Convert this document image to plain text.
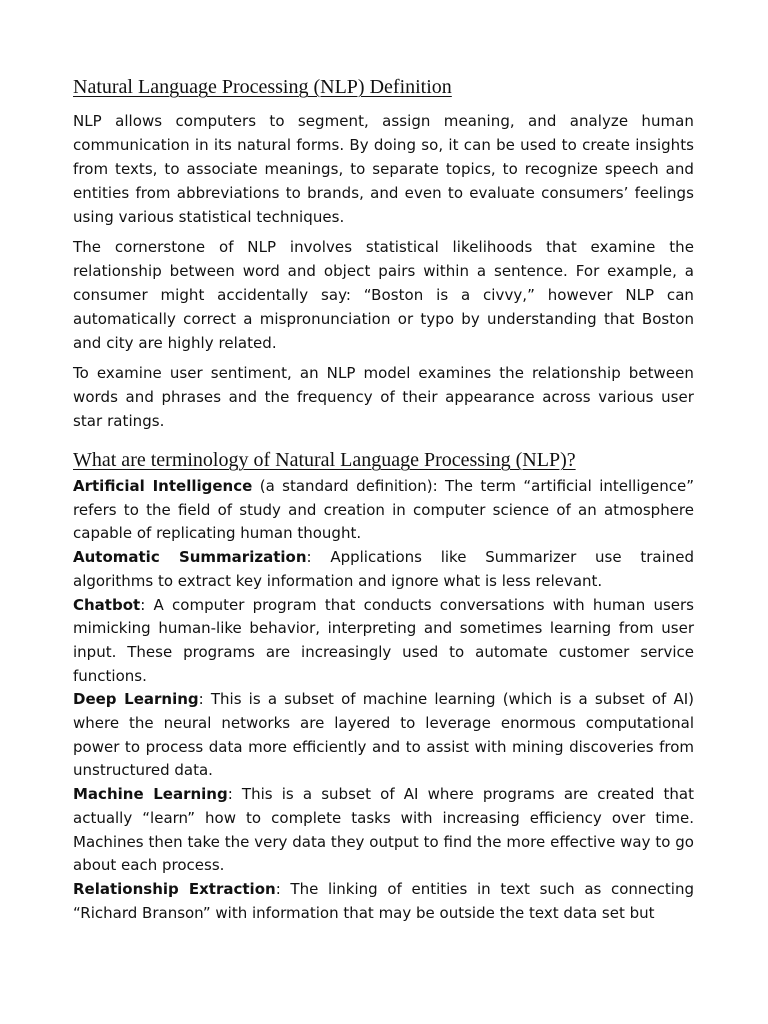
Natural Language Processing (NLP) Definition

NLP allows computers to segment, assign meaning, and analyze human communication in its natural forms. By doing so, it can be used to create insights from texts, to associate meanings, to separate topics, to recognize speech and entities from abbreviations to brands, and even to evaluate consumers’ feelings using various statistical techniques.

The cornerstone of NLP involves statistical likelihoods that examine the relationship between word and object pairs within a sentence. For example, a consumer might accidentally say: “Boston is a civvy,” however NLP can automatically correct a mispronunciation or typo by understanding that Boston and city are highly related.

To examine user sentiment, an NLP model examines the relationship between words and phrases and the frequency of their appearance across various user star ratings.

What are terminology of Natural Language Processing (NLP)?

Artificial Intelligence (a standard definition): The term “artificial intelligence” refers to the field of study and creation in computer science of an atmosphere capable of replicating human thought.

Automatic Summarization: Applications like Summarizer use trained algorithms to extract key information and ignore what is less relevant.

Chatbot: A computer program that conducts conversations with human users mimicking human-like behavior, interpreting and sometimes learning from user input. These programs are increasingly used to automate customer service functions.

Deep Learning: This is a subset of machine learning (which is a subset of AI) where the neural networks are layered to leverage enormous computational power to process data more efficiently and to assist with mining discoveries from unstructured data.

Machine Learning: This is a subset of AI where programs are created that actually “learn” how to complete tasks with increasing efficiency over time. Machines then take the very data they output to find the more effective way to go about each process.

Relationship Extraction: The linking of entities in text such as connecting “Richard Branson” with information that may be outside the text data set but
